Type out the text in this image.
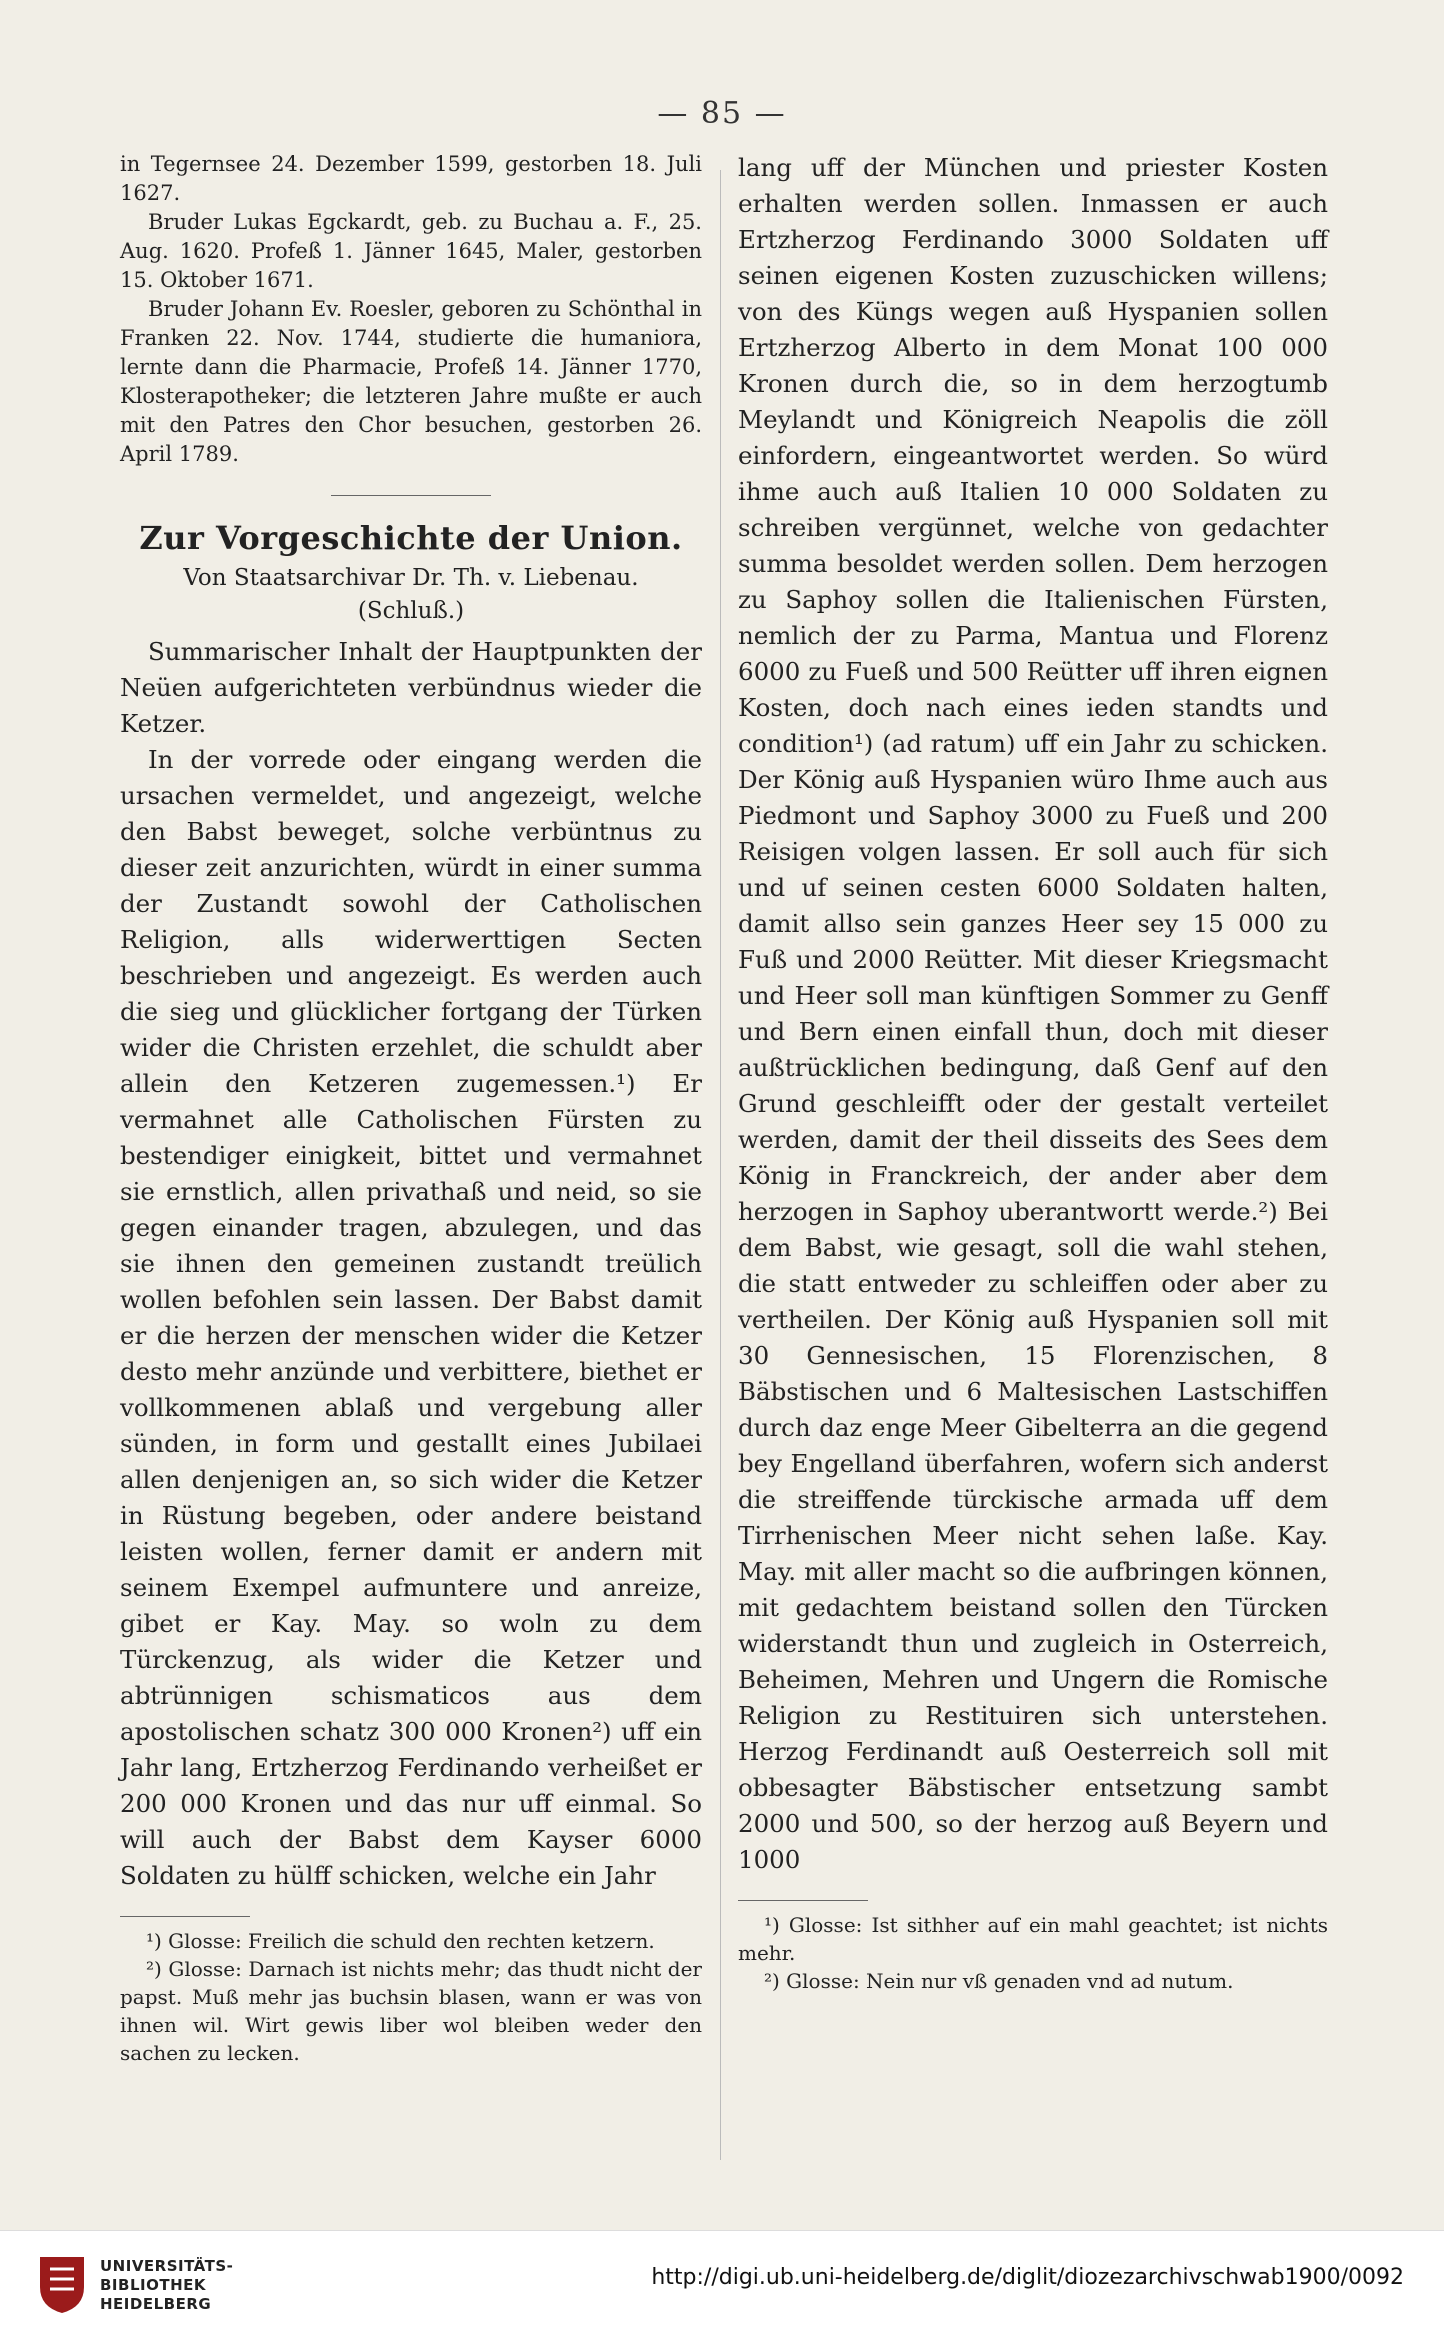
— 85 —

in Tegernsee 24. Dezember 1599, gestorben 18. Juli 1627.

Bruder Lukas Egckardt, geb. zu Buchau a. F., 25. Aug. 1620. Profeß 1. Jänner 1645, Maler, gestorben 15. Oktober 1671.

Bruder Johann Ev. Roesler, geboren zu Schönthal in Franken 22. Nov. 1744, studierte die humaniora, lernte dann die Pharmacie, Profeß 14. Jänner 1770, Klosterapotheker; die letzteren Jahre mußte er auch mit den Patres den Chor besuchen, gestorben 26. April 1789.

Zur Vorgeschichte der Union.
Von Staatsarchivar Dr. Th. v. Liebenau.
(Schluß.)

Summarischer Inhalt der Hauptpunkten der Neüen aufgerichteten verbündnus wieder die Ketzer.

In der vorrede oder eingang werden die ursachen vermeldet, und angezeigt, welche den Babst beweget, solche verbüntnus zu dieser zeit anzurichten, würdt in einer summa der Zustandt sowohl der Catholischen Religion, alls widerwerttigen Secten beschrieben und angezeigt. Es werden auch die sieg und glücklicher fortgang der Türken wider die Christen erzehlet, die schuldt aber allein den Ketzeren zugemessen.¹) Er vermahnet alle Catholischen Fürsten zu bestendiger einigkeit, bittet und vermahnet sie ernstlich, allen privathaß und neid, so sie gegen einander tragen, abzulegen, und das sie ihnen den gemeinen zustandt treülich wollen befohlen sein lassen. Der Babst damit er die herzen der menschen wider die Ketzer desto mehr anzünde und verbittere, biethet er vollkommenen ablaß und vergebung aller sünden, in form und gestallt eines Jubilaei allen denjenigen an, so sich wider die Ketzer in Rüstung begeben, oder andere beistand leisten wollen, ferner damit er andern mit seinem Exempel aufmuntere und anreize, gibet er Kay. May. so woln zu dem Türckenzug, als wider die Ketzer und abtrünnigen schismaticos aus dem apostolischen schatz 300 000 Kronen²) uff ein Jahr lang, Ertzherzog Ferdinando verheißet er 200 000 Kronen und das nur uff einmal. So will auch der Babst dem Kayser 6000 Soldaten zu hülff schicken, welche ein Jahr

¹) Glosse: Freilich die schuld den rechten ketzern.

²) Glosse: Darnach ist nichts mehr; das thudt nicht der papst. Muß mehr jas buchsin blasen, wann er was von ihnen wil. Wirt gewis liber wol bleiben weder den sachen zu lecken.

lang uff der München und priester Kosten erhalten werden sollen. Inmassen er auch Ertzherzog Ferdinando 3000 Soldaten uff seinen eigenen Kosten zuzuschicken willens; von des Küngs wegen auß Hyspanien sollen Ertzherzog Alberto in dem Monat 100 000 Kronen durch die, so in dem herzogtumb Meylandt und Königreich Neapolis die zöll einfordern, eingeantwortet werden. So würd ihme auch auß Italien 10 000 Soldaten zu schreiben vergünnet, welche von gedachter summa besoldet werden sollen. Dem herzogen zu Saphoy sollen die Italienischen Fürsten, nemlich der zu Parma, Mantua und Florenz 6000 zu Fueß und 500 Reütter uff ihren eignen Kosten, doch nach eines ieden standts und condition¹) (ad ratum) uff ein Jahr zu schicken. Der König auß Hyspanien würo Ihme auch aus Piedmont und Saphoy 3000 zu Fueß und 200 Reisigen volgen lassen. Er soll auch für sich und uf seinen cesten 6000 Soldaten halten, damit allso sein ganzes Heer sey 15 000 zu Fuß und 2000 Reütter. Mit dieser Kriegsmacht und Heer soll man künftigen Sommer zu Genff und Bern einen einfall thun, doch mit dieser außtrücklichen bedingung, daß Genf auf den Grund geschleifft oder der gestalt verteilet werden, damit der theil disseits des Sees dem König in Franckreich, der ander aber dem herzogen in Saphoy uberantwortt werde.²) Bei dem Babst, wie gesagt, soll die wahl stehen, die statt entweder zu schleiffen oder aber zu vertheilen. Der König auß Hyspanien soll mit 30 Gennesischen, 15 Florenzischen, 8 Bäbstischen und 6 Maltesischen Lastschiffen durch daz enge Meer Gibelterra an die gegend bey Engelland überfahren, wofern sich anderst die streiffende türckische armada uff dem Tirrhenischen Meer nicht sehen laße. Kay. May. mit aller macht so die aufbringen können, mit gedachtem beistand sollen den Türcken widerstandt thun und zugleich in Osterreich, Beheimen, Mehren und Ungern die Romische Religion zu Restituiren sich unterstehen. Herzog Ferdinandt auß Oesterreich soll mit obbesagter Bäbstischer entsetzung sambt 2000 und 500, so der herzog auß Beyern und 1000

¹) Glosse: Ist sithher auf ein mahl geachtet; ist nichts mehr.

²) Glosse: Nein nur vß genaden vnd ad nutum.

UNIVERSITÄTS-
BIBLIOTHEK
HEIDELBERG
http://digi.ub.uni-heidelberg.de/diglit/diozezarchivschwab1900/0092
